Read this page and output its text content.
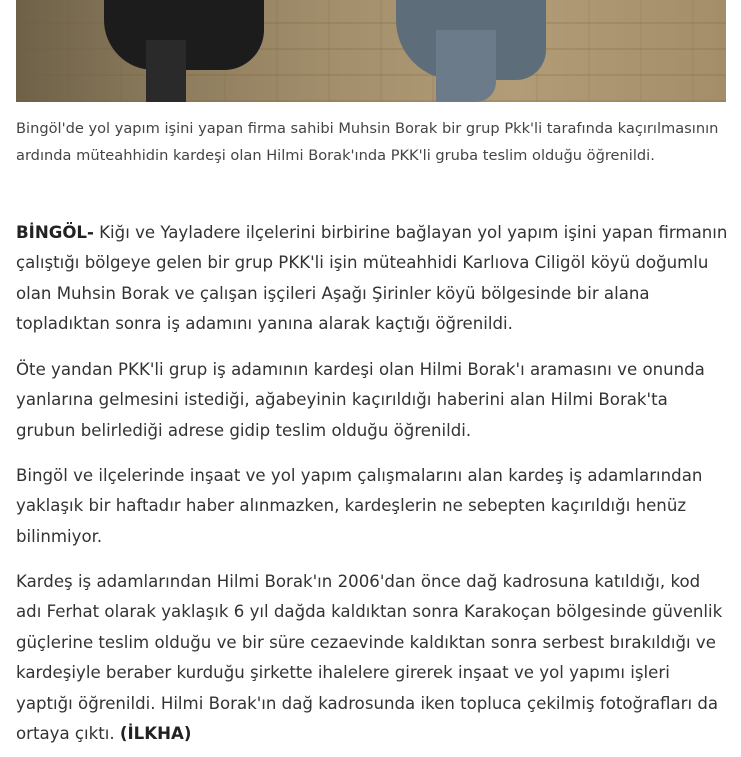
Bingöl'de yol yapım işini yapan firma sahibi Muhsin Borak bir grup Pkk'li tarafında kaçırılmasının ardında müteahhidin kardeşi olan Hilmi Borak'ında PKK'li gruba teslim olduğu öğrenildi.

BİNGÖL- Kiğı ve Yayladere ilçelerini birbirine bağlayan yol yapım işini yapan firmanın çalıştığı bölgeye gelen bir grup PKK'li işin müteahhidi Karlıova Ciligöl köyü doğumlu olan Muhsin Borak ve çalışan işçileri Aşağı Şirinler köyü bölgesinde bir alana topladıktan sonra iş adamını yanına alarak kaçtığı öğrenildi.

Öte yandan PKK'li grup iş adamının kardeşi olan Hilmi Borak'ı aramasını ve onunda yanlarına gelmesini istediği, ağabeyinin kaçırıldığı haberini alan Hilmi Borak'ta grubun belirlediği adrese gidip teslim olduğu öğrenildi.

Bingöl ve ilçelerinde inşaat ve yol yapım çalışmalarını alan kardeş iş adamlarından yaklaşık bir haftadır haber alınmazken, kardeşlerin ne sebepten kaçırıldığı henüz bilinmiyor.

Kardeş iş adamlarından Hilmi Borak'ın 2006'dan önce dağ kadrosuna katıldığı, kod adı Ferhat olarak yaklaşık 6 yıl dağda kaldıktan sonra Karakoçan bölgesinde güvenlik güçlerine teslim olduğu ve bir süre cezaevinde kaldıktan sonra serbest bırakıldığı ve kardeşiyle beraber kurduğu şirkette ihalelere girerek inşaat ve yol yapımı işleri yaptığı öğrenildi. Hilmi Borak'ın dağ kadrosunda iken topluca çekilmiş fotoğrafları da ortaya çıktı. (İLKHA)
